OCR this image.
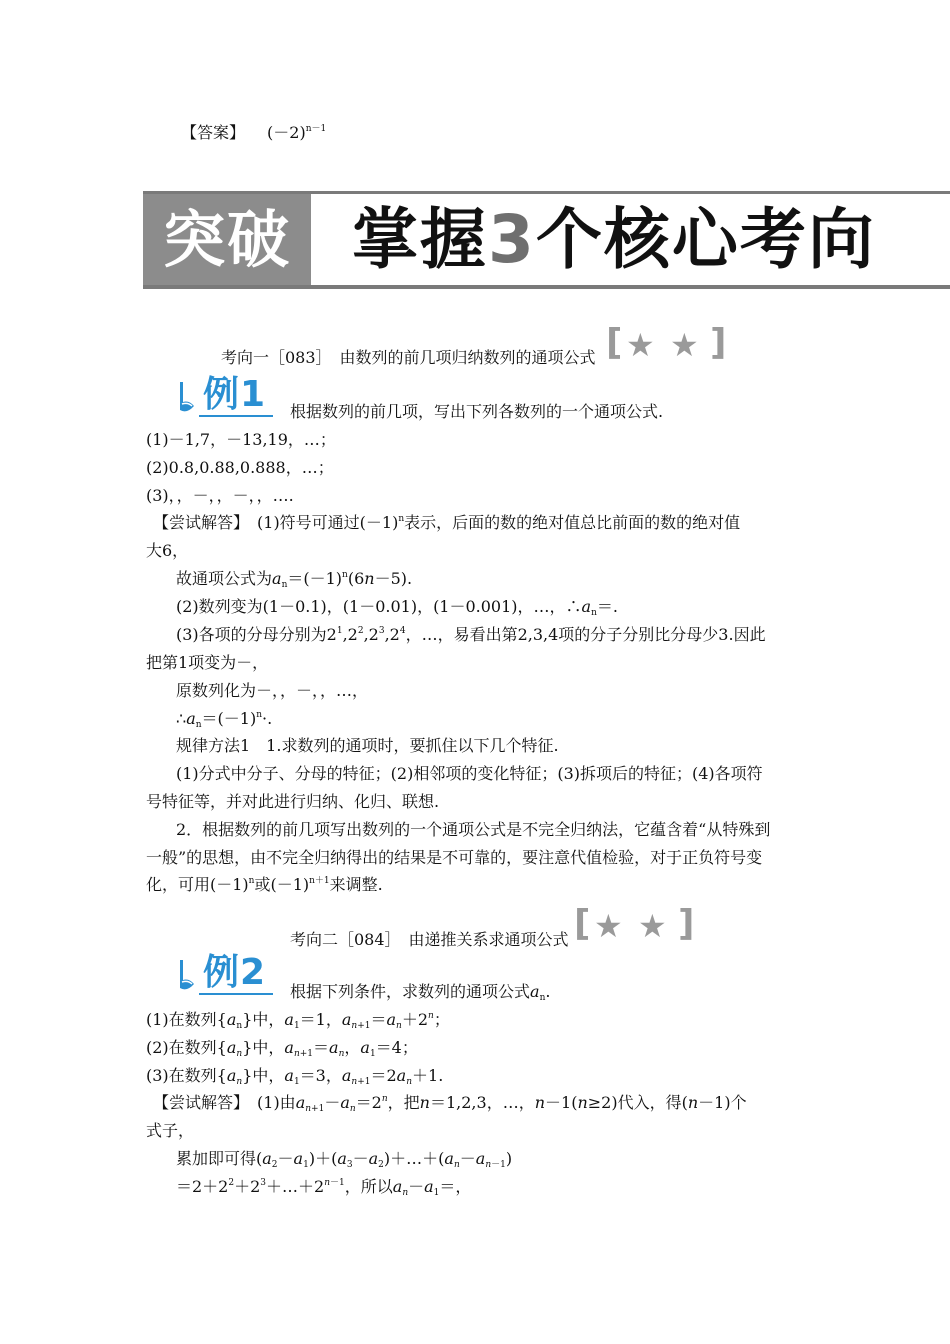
【答案】 $(-2)^{n-1}$
突破 掌握3个核心考向
考向一［083］　由数列的前几项归纳数列的通项公式 [ ★ ★ ]
例1 根据数列的前几项，写出下列各数列的一个通项公式.
(1)－1,7，－13,19，…；
(2)0.8,0.88,0.888，…；
(3)，，－，，－，，….
【尝试解答】　(1)符号可通过$(-1)^n$表示，后面的数的绝对值总比前面的数的绝对值
大6，
故通项公式为$a_n=(-1)^n(6n-5)$.
(2)数列变为(1－0.1)，(1－0.01)，(1－0.001)，…，$\therefore a_n=$.
(3)各项的分母分别为$2^1,2^2,2^3,2^4$，…，易看出第2,3,4项的分子分别比分母少3.因此
把第1项变为－，
原数列化为－，，－，，…，
$\therefore a_n=(-1)^n\cdot$.
规律方法1　1.求数列的通项时，要抓住以下几个特征.
(1)分式中分子、分母的特征；(2)相邻项的变化特征；(3)拆项后的特征；(4)各项符
号特征等，并对此进行归纳、化归、联想.
2．根据数列的前几项写出数列的一个通项公式是不完全归纳法，它蕴含着“从特殊到
一般”的思想，由不完全归纳得出的结果是不可靠的，要注意代值检验，对于正负符号变
化，可用$(-1)^n$或$(-1)^{n+1}$来调整.
考向二［084］　由递推关系求通项公式 [ ★ ★ ]
例2 根据下列条件，求数列的通项公式$a_n$.
(1)在数列$\{a_n\}$中，$a_1=1$，$a_{n+1}=a_n+2^n$；
(2)在数列$\{a_n\}$中，$a_{n+1}=a_n$，$a_1=4$；
(3)在数列$\{a_n\}$中，$a_1=3$，$a_{n+1}=2a_n+1$.
【尝试解答】　(1)由$a_{n+1}-a_n=2^n$，把n＝1,2,3，…，n－1(n≥2)代入，得(n－1)个
式子，
累加即可得$(a_2-a_1)+(a_3-a_2)+\dots+(a_n-a_{n-1})$
$=2+2^2+2^3+\dots+2^{n-1}$，所以$a_n-a_1=$，
